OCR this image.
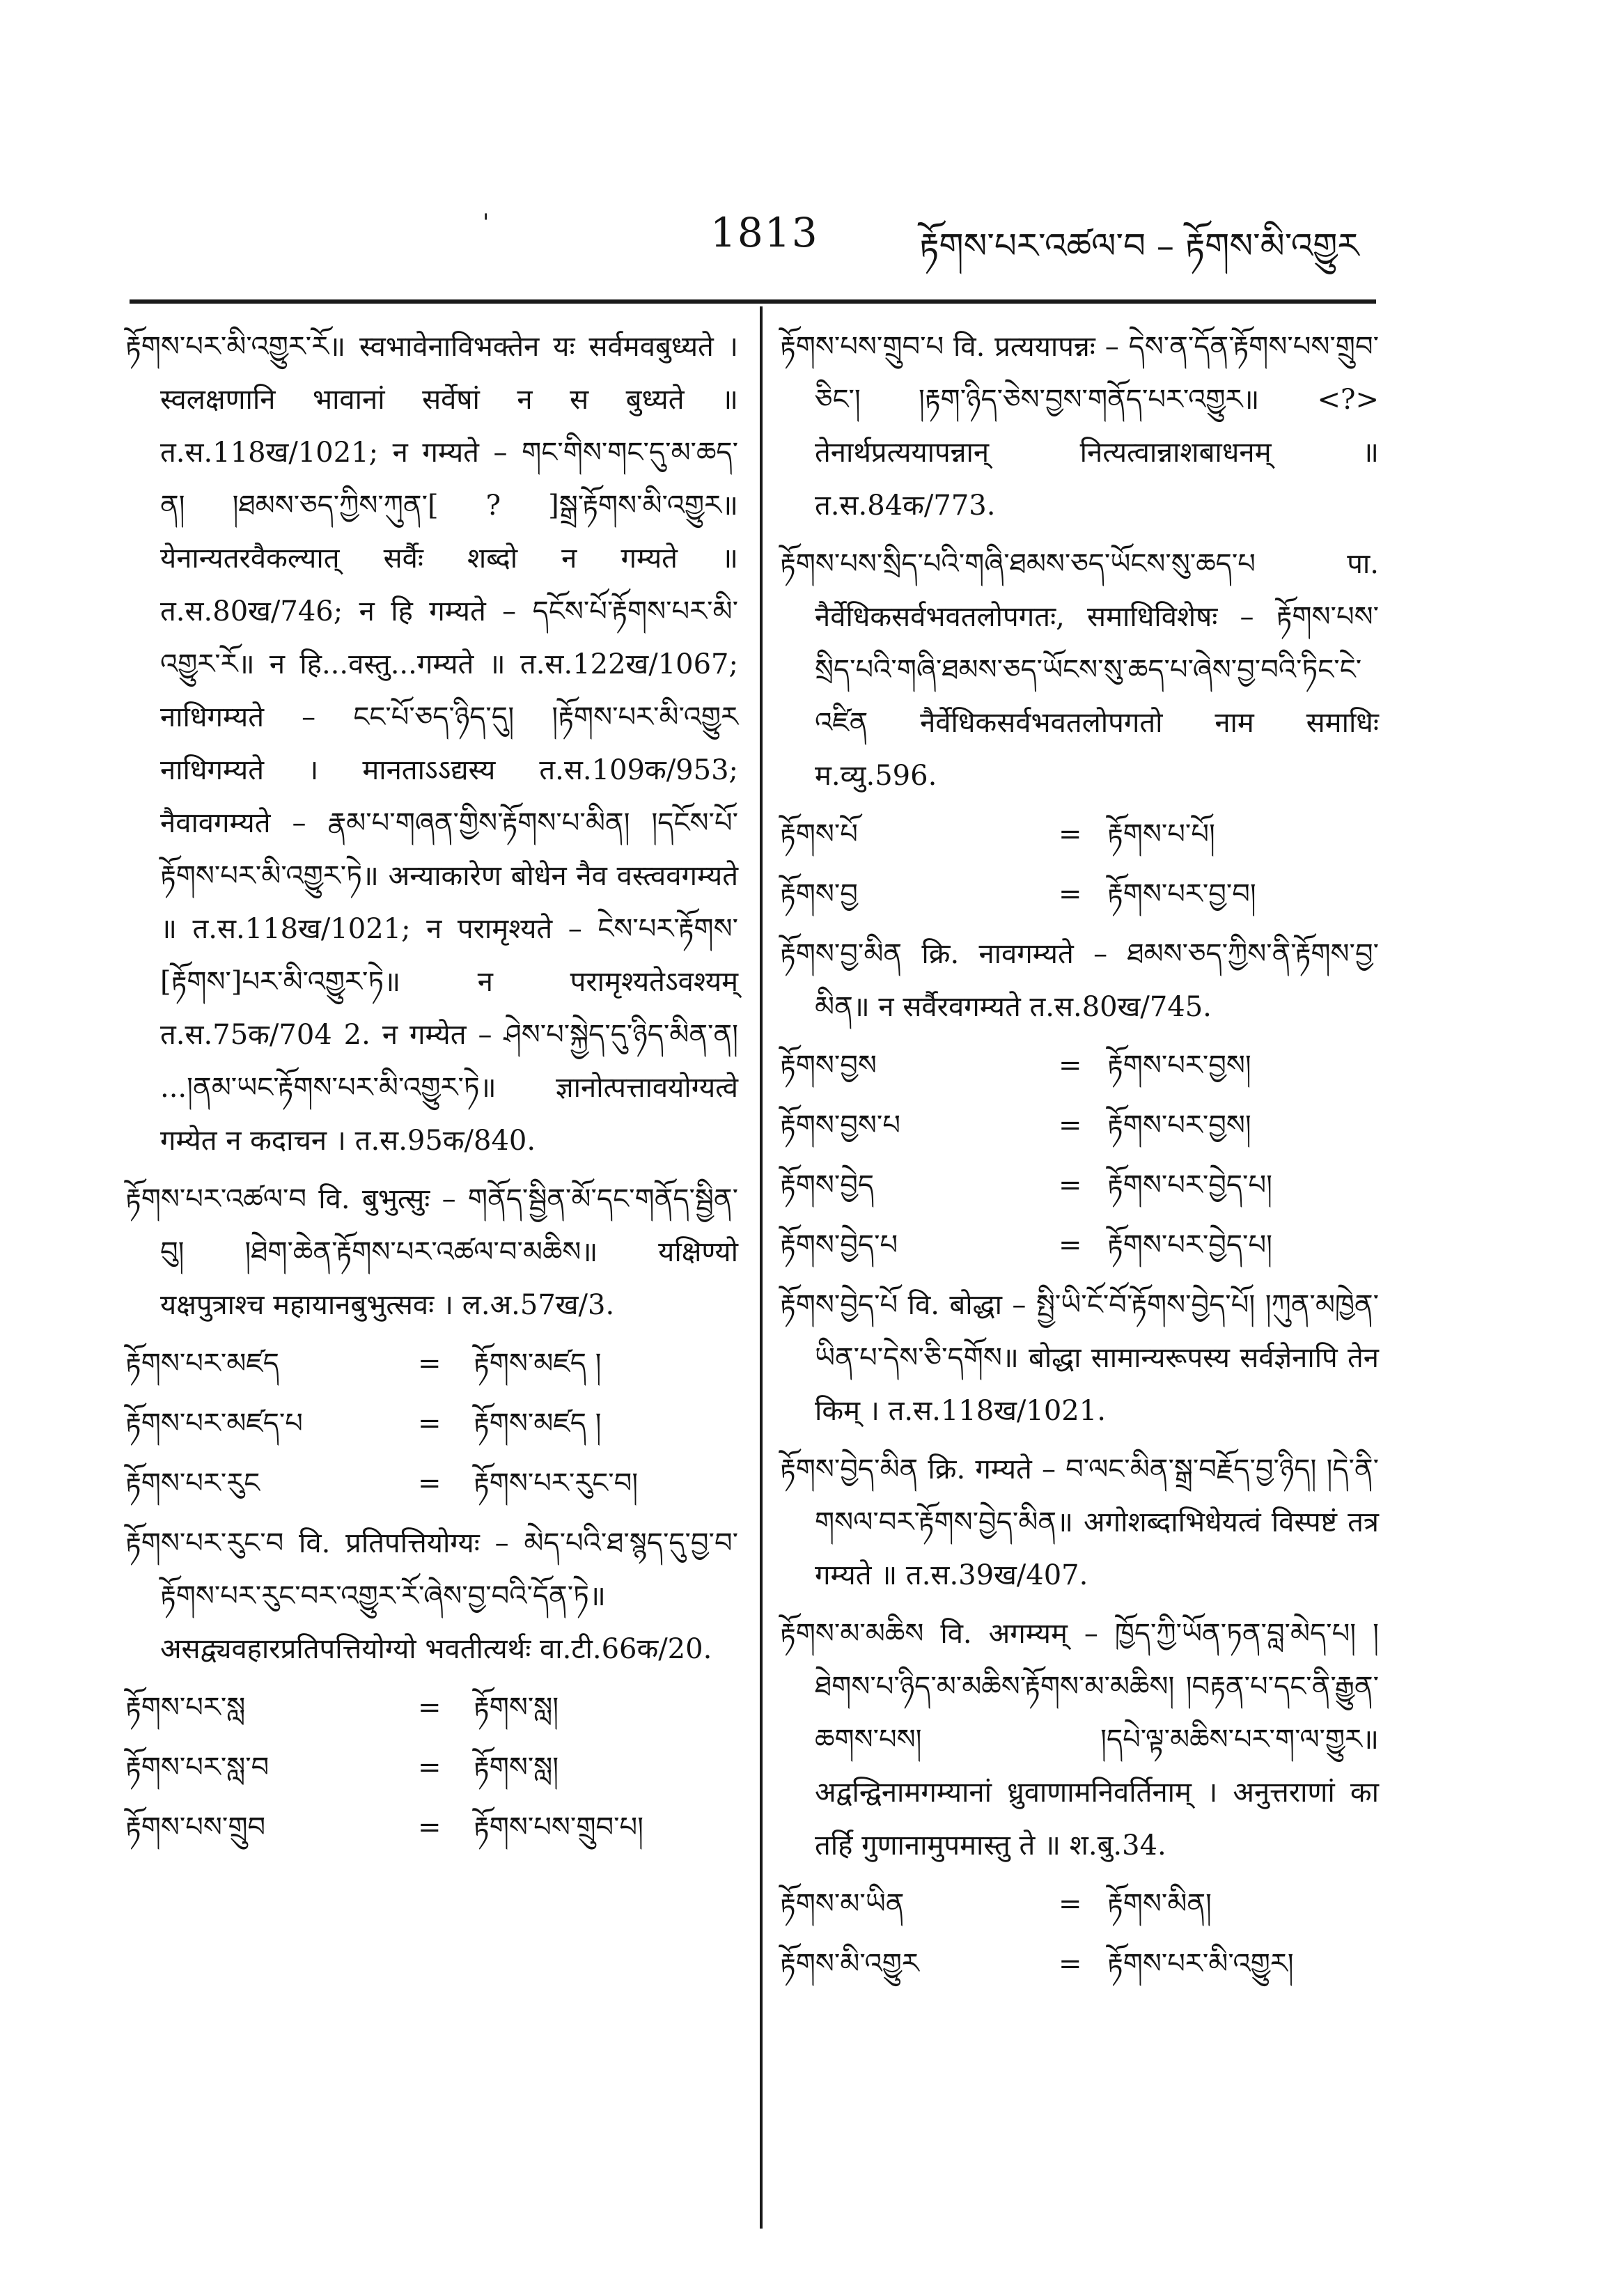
'	1813	རྟོགས་པར་འཚལ་བ – རྟོགས་མི་འགྱུར

རྟོགས་པར་མི་འགྱུར་རོ॥ स्वभावेनाविभक्तेन यः सर्वमवबुध्यते । स्वलक्षणानि भावानां सर्वेषां न स बुध्यते ॥ त.स.118ख/1021; न गम्यते – གང་གིས་གང་དུ་མ་ཆད་ན། །ཐམས་ཅད་ཀྱིས་ཀུན་[ ? ]སྒྲ་རྟོགས་མི་འགྱུར॥ येनान्यतरवैकल्यात् सर्वैः शब्दो न गम्यते ॥ त.स.80ख/746; न हि गम्यते – དངོས་པོ་རྟོགས་པར་མི་འགྱུར་རོ॥ न हि...वस्तु...गम्यते ॥ त.स.122ख/1067; नाधिगम्यते – ངང་པོ་ཅད་ཉིད་དུ། །རྟོགས་པར་མི་འགྱུར नाधिगम्यते । मानताऽऽद्यस्य त.स.109क/953; नैवावगम्यते – རྣམ་པ་གཞན་གྱིས་རྟོགས་པ་མིན། །དངོས་པོ་རྟོགས་པར་མི་འགྱུར་ཏེ॥ अन्याकारेण बोधेन नैव वस्त्ववगम्यते ॥ त.स.118ख/1021; न परामृश्यते – ངེས་པར་རྟོགས་[རྟོགས་]པར་མི་འགྱུར་ཏེ॥ न परामृश्यतेऽवश्यम् त.स.75क/704 2. न गम्येत – ཤེས་པ་སྐྱེད་དུ་ཉིད་མིན་ན། ...།ནམ་ཡང་རྟོགས་པར་མི་འགྱུར་ཏེ॥ ज्ञानोत्पत्तावयोग्यत्वे गम्येत न कदाचन । त.स.95क/840.

རྟོགས་པར་འཚལ་བ वि. बुभुत्सुः – གནོད་སྦྱིན་མོ་དང་གནོད་སྦྱིན་བུ། །ཐེག་ཆེན་རྟོགས་པར་འཚལ་བ་མཆིས॥ यक्षिण्यो यक्षपुत्राश्च महायानबुभुत्सवः । ल.अ.57ख/3.

རྟོགས་པར་མཛད	=	རྟོགས་མཛད །
རྟོགས་པར་མཛད་པ	=	རྟོགས་མཛད །
རྟོགས་པར་རུང	=	རྟོགས་པར་རུང་བ།

རྟོགས་པར་རུང་བ वि. प्रतिपत्तियोग्यः – མེད་པའི་ཐ་སྙད་དུ་བྱ་བ་རྟོགས་པར་རུང་བར་འགྱུར་རོ་ཞེས་བྱ་བའི་དོན་ཏེ॥ असद्व्यवहारप्रतिपत्तियोग्यो भवतीत्यर्थः वा.टी.66क/20.

རྟོགས་པར་སླ	=	རྟོགས་སླ།
རྟོགས་པར་སླ་བ	=	རྟོགས་སླ།
རྟོགས་པས་གྲུབ	=	རྟོགས་པས་གྲུབ་པ།

རྟོགས་པས་གྲུབ་པ वि. प्रत्ययापन्नः – དེས་ན་དོན་རྟོགས་པས་གྲུབ་ཅིང་། །རྟག་ཉིད་ཅེས་བྱས་གནོད་པར་འགྱུར॥ <?> तेनार्थप्रत्ययापन्नान् नित्यत्वान्नाशबाधनम् ॥ त.स.84क/773.

རྟོགས་པས་སྲིད་པའི་གཞི་ཐམས་ཅད་ཡོངས་སུ་ཆད་པ पा. नैर्वेधिकसर्वभवतलोपगतः, समाधिविशेषः – རྟོགས་པས་སྲིད་པའི་གཞི་ཐམས་ཅད་ཡོངས་སུ་ཆད་པ་ཞེས་བྱ་བའི་ཏིང་ངེ་འཛིན नैर्वेधिकसर्वभवतलोपगतो नाम समाधिः म.व्यु.596.

རྟོགས་པོ	= རྟོགས་པ་པོ།
རྟོགས་བྱ	= རྟོགས་པར་བྱ་བ།

རྟོགས་བྱ་མིན क्रि. नावगम्यते – ཐམས་ཅད་ཀྱིས་ནི་རྟོགས་བྱ་མིན॥ न सर्वैरवगम्यते त.स.80ख/745.

རྟོགས་བྱས	= རྟོགས་པར་བྱས།
རྟོགས་བྱས་པ	= རྟོགས་པར་བྱས།
རྟོགས་བྱེད	= རྟོགས་པར་བྱེད་པ།
རྟོགས་བྱེད་པ	= རྟོགས་པར་བྱེད་པ།

རྟོགས་བྱེད་པོ वि. बोद्धा – སྤྱི་ཡི་ངོ་བོ་རྟོགས་བྱེད་པོ། །ཀུན་མཁྱེན་ཡིན་པ་དེས་ཅི་དགོས॥ बोद्धा सामान्यरूपस्य सर्वज्ञेनापि तेन किम् । त.स.118ख/1021.

རྟོགས་བྱེད་མིན क्रि. गम्यते – བ་ལང་མིན་སྒྲ་བརྗོད་བྱ་ཉིད། །དེ་ནི་གསལ་བར་རྟོགས་བྱེད་མིན॥ अगोशब्दाभिधेयत्वं विस्पष्टं तत्र गम्यते ॥ त.स.39ख/407.

རྟོགས་མ་མཆིས वि. अगम्यम् – ཁྱོད་ཀྱི་ཡོན་ཏན་བླ་མེད་པ། །ཐེགས་པ་ཉིད་མ་མཆིས་རྟོགས་མ་མཆིས། །བརྟན་པ་དང་ནི་རྒྱུན་ཆགས་པས། །དཔེ་ལྟ་མཆིས་པར་ག་ལ་གྱུར॥ अद्वन्द्विनामगम्यानां ध्रुवाणामनिवर्तिनाम् । अनुत्तराणां का तर्हि गुणानामुपमास्तु ते ॥ श.बु.34.

རྟོགས་མ་ཡིན	= རྟོགས་མིན།
རྟོགས་མི་འགྱུར	= རྟོགས་པར་མི་འགྱུར།
